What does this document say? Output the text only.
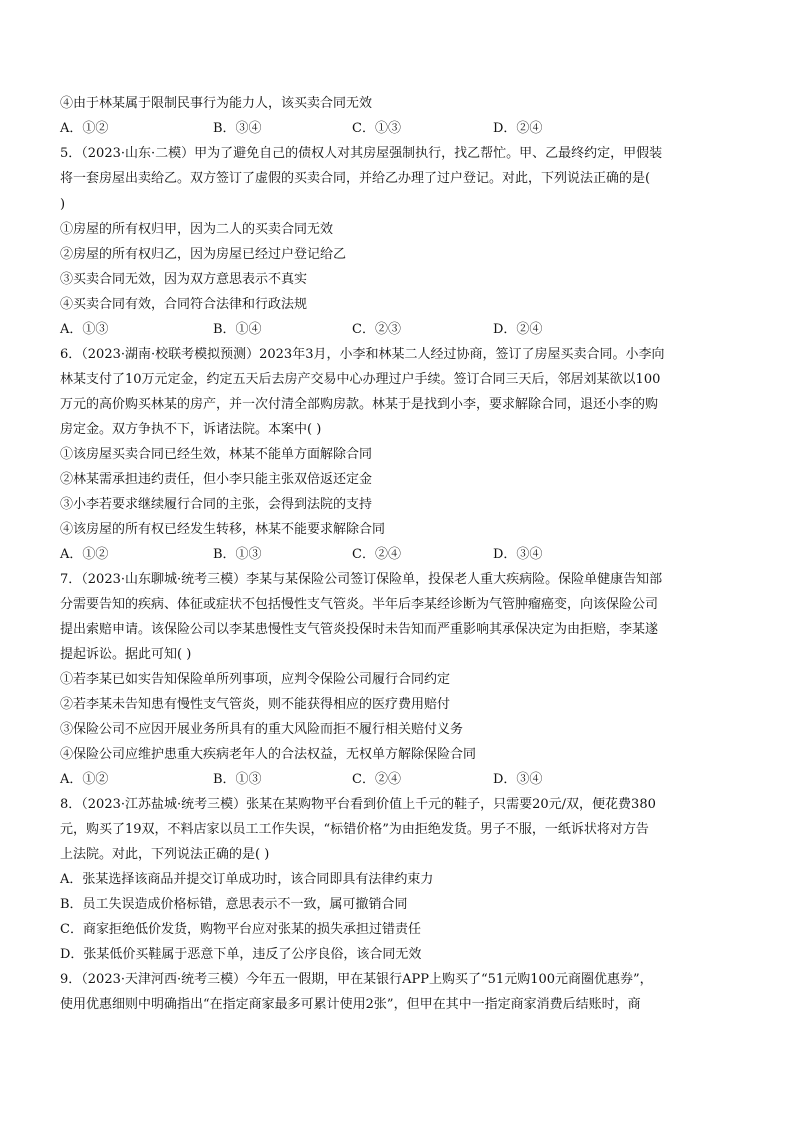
④由于林某属于限制民事行为能力人，该买卖合同无效
A．①②	B．③④	C．①③	D．②④
5．（2023·山东·二模）甲为了避免自己的债权人对其房屋强制执行，找乙帮忙。甲、乙最终约定，甲假装
将一套房屋出卖给乙。双方签订了虚假的买卖合同，并给乙办理了过户登记。对此，下列说法正确的是(
)
①房屋的所有权归甲，因为二人的买卖合同无效
②房屋的所有权归乙，因为房屋已经过户登记给乙
③买卖合同无效，因为双方意思表示不真实
④买卖合同有效，合同符合法律和行政法规
A．①③	B．①④	C．②③	D．②④
6．（2023·湖南·校联考模拟预测）2023年3月，小李和林某二人经过协商，签订了房屋买卖合同。小李向
林某支付了10万元定金，约定五天后去房产交易中心办理过户手续。签订合同三天后，邻居刘某欲以100
万元的高价购买林某的房产，并一次付清全部购房款。林某于是找到小李，要求解除合同，退还小李的购
房定金。双方争执不下，诉诸法院。本案中( )
①该房屋买卖合同已经生效，林某不能单方面解除合同
②林某需承担违约责任，但小李只能主张双倍返还定金
③小李若要求继续履行合同的主张，会得到法院的支持
④该房屋的所有权已经发生转移，林某不能要求解除合同
A．①②	B．①③	C．②④	D．③④
7．（2023·山东聊城·统考三模）李某与某保险公司签订保险单，投保老人重大疾病险。保险单健康告知部
分需要告知的疾病、体征或症状不包括慢性支气管炎。半年后李某经诊断为气管肿瘤癌变，向该保险公司
提出索赔申请。该保险公司以李某患慢性支气管炎投保时未告知而严重影响其承保决定为由拒赔，李某遂
提起诉讼。据此可知( )
①若李某已如实告知保险单所列事项，应判令保险公司履行合同约定
②若李某未告知患有慢性支气管炎，则不能获得相应的医疗费用赔付
③保险公司不应因开展业务所具有的重大风险而拒不履行相关赔付义务
④保险公司应维护患重大疾病老年人的合法权益，无权单方解除保险合同
A．①②	B．①③	C．②④	D．③④
8．（2023·江苏盐城·统考三模）张某在某购物平台看到价值上千元的鞋子，只需要20元/双，便花费380
元，购买了19双，不料店家以员工工作失误，“标错价格”为由拒绝发货。男子不服，一纸诉状将对方告
上法院。对此，下列说法正确的是( )
A．张某选择该商品并提交订单成功时，该合同即具有法律约束力
B．员工失误造成价格标错，意思表示不一致，属可撤销合同
C．商家拒绝低价发货，购物平台应对张某的损失承担过错责任
D．张某低价买鞋属于恶意下单，违反了公序良俗，该合同无效
9．（2023·天津河西·统考三模）今年五一假期，甲在某银行APP上购买了“51元购100元商圈优惠券”，
使用优惠细则中明确指出“在指定商家最多可累计使用2张”，但甲在其中一指定商家消费后结账时，商
